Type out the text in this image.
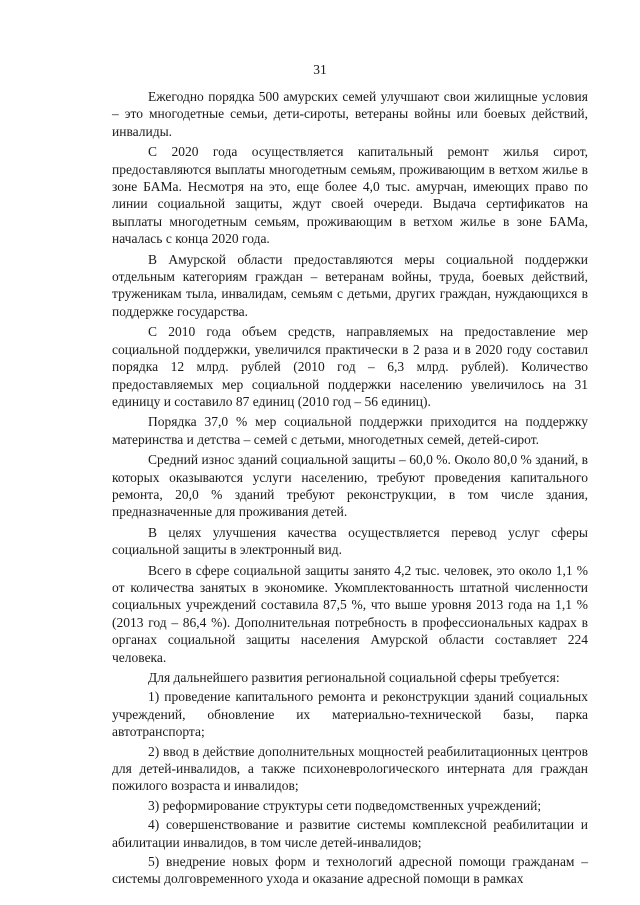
31

Ежегодно порядка 500 амурских семей улучшают свои жилищные условия – это многодетные семьи, дети-сироты, ветераны войны или боевых действий, инвалиды.

С 2020 года осуществляется капитальный ремонт жилья сирот, предоставляются выплаты многодетным семьям, проживающим в ветхом жилье в зоне БАМа. Несмотря на это, еще более 4,0 тыс. амурчан, имеющих право по линии социальной защиты, ждут своей очереди. Выдача сертификатов на выплаты многодетным семьям, проживающим в ветхом жилье в зоне БАМа, началась с конца 2020 года.

В Амурской области предоставляются меры социальной поддержки отдельным категориям граждан – ветеранам войны, труда, боевых действий, труженикам тыла, инвалидам, семьям с детьми, других граждан, нуждающихся в поддержке государства.

С 2010 года объем средств, направляемых на предоставление мер социальной поддержки, увеличился практически в 2 раза и в 2020 году составил порядка 12 млрд. рублей (2010 год – 6,3 млрд. рублей). Количество предоставляемых мер социальной поддержки населению увеличилось на 31 единицу и составило 87 единиц (2010 год – 56 единиц).

Порядка 37,0 % мер социальной поддержки приходится на поддержку материнства и детства – семей с детьми, многодетных семей, детей-сирот.

Средний износ зданий социальной защиты – 60,0 %. Около 80,0 % зданий, в которых оказываются услуги населению, требуют проведения капитального ремонта, 20,0 % зданий требуют реконструкции, в том числе здания, предназначенные для проживания детей.

В целях улучшения качества осуществляется перевод услуг сферы социальной защиты в электронный вид.

Всего в сфере социальной защиты занято 4,2 тыс. человек, это около 1,1 % от количества занятых в экономике. Укомплектованность штатной численности социальных учреждений составила 87,5 %, что выше уровня 2013 года на 1,1 % (2013 год – 86,4 %). Дополнительная потребность в профессиональных кадрах в органах социальной защиты населения Амурской области составляет 224 человека.

Для дальнейшего развития региональной социальной сферы требуется:

1) проведение капитального ремонта и реконструкции зданий социальных учреждений, обновление их материально-технической базы, парка автотранспорта;

2) ввод в действие дополнительных мощностей реабилитационных центров для детей-инвалидов, а также психоневрологического интерната для граждан пожилого возраста и инвалидов;

3) реформирование структуры сети подведомственных учреждений;

4) совершенствование и развитие системы комплексной реабилитации и абилитации инвалидов, в том числе детей-инвалидов;

5) внедрение новых форм и технологий адресной помощи гражданам – системы долговременного ухода и оказание адресной помощи в рамках
